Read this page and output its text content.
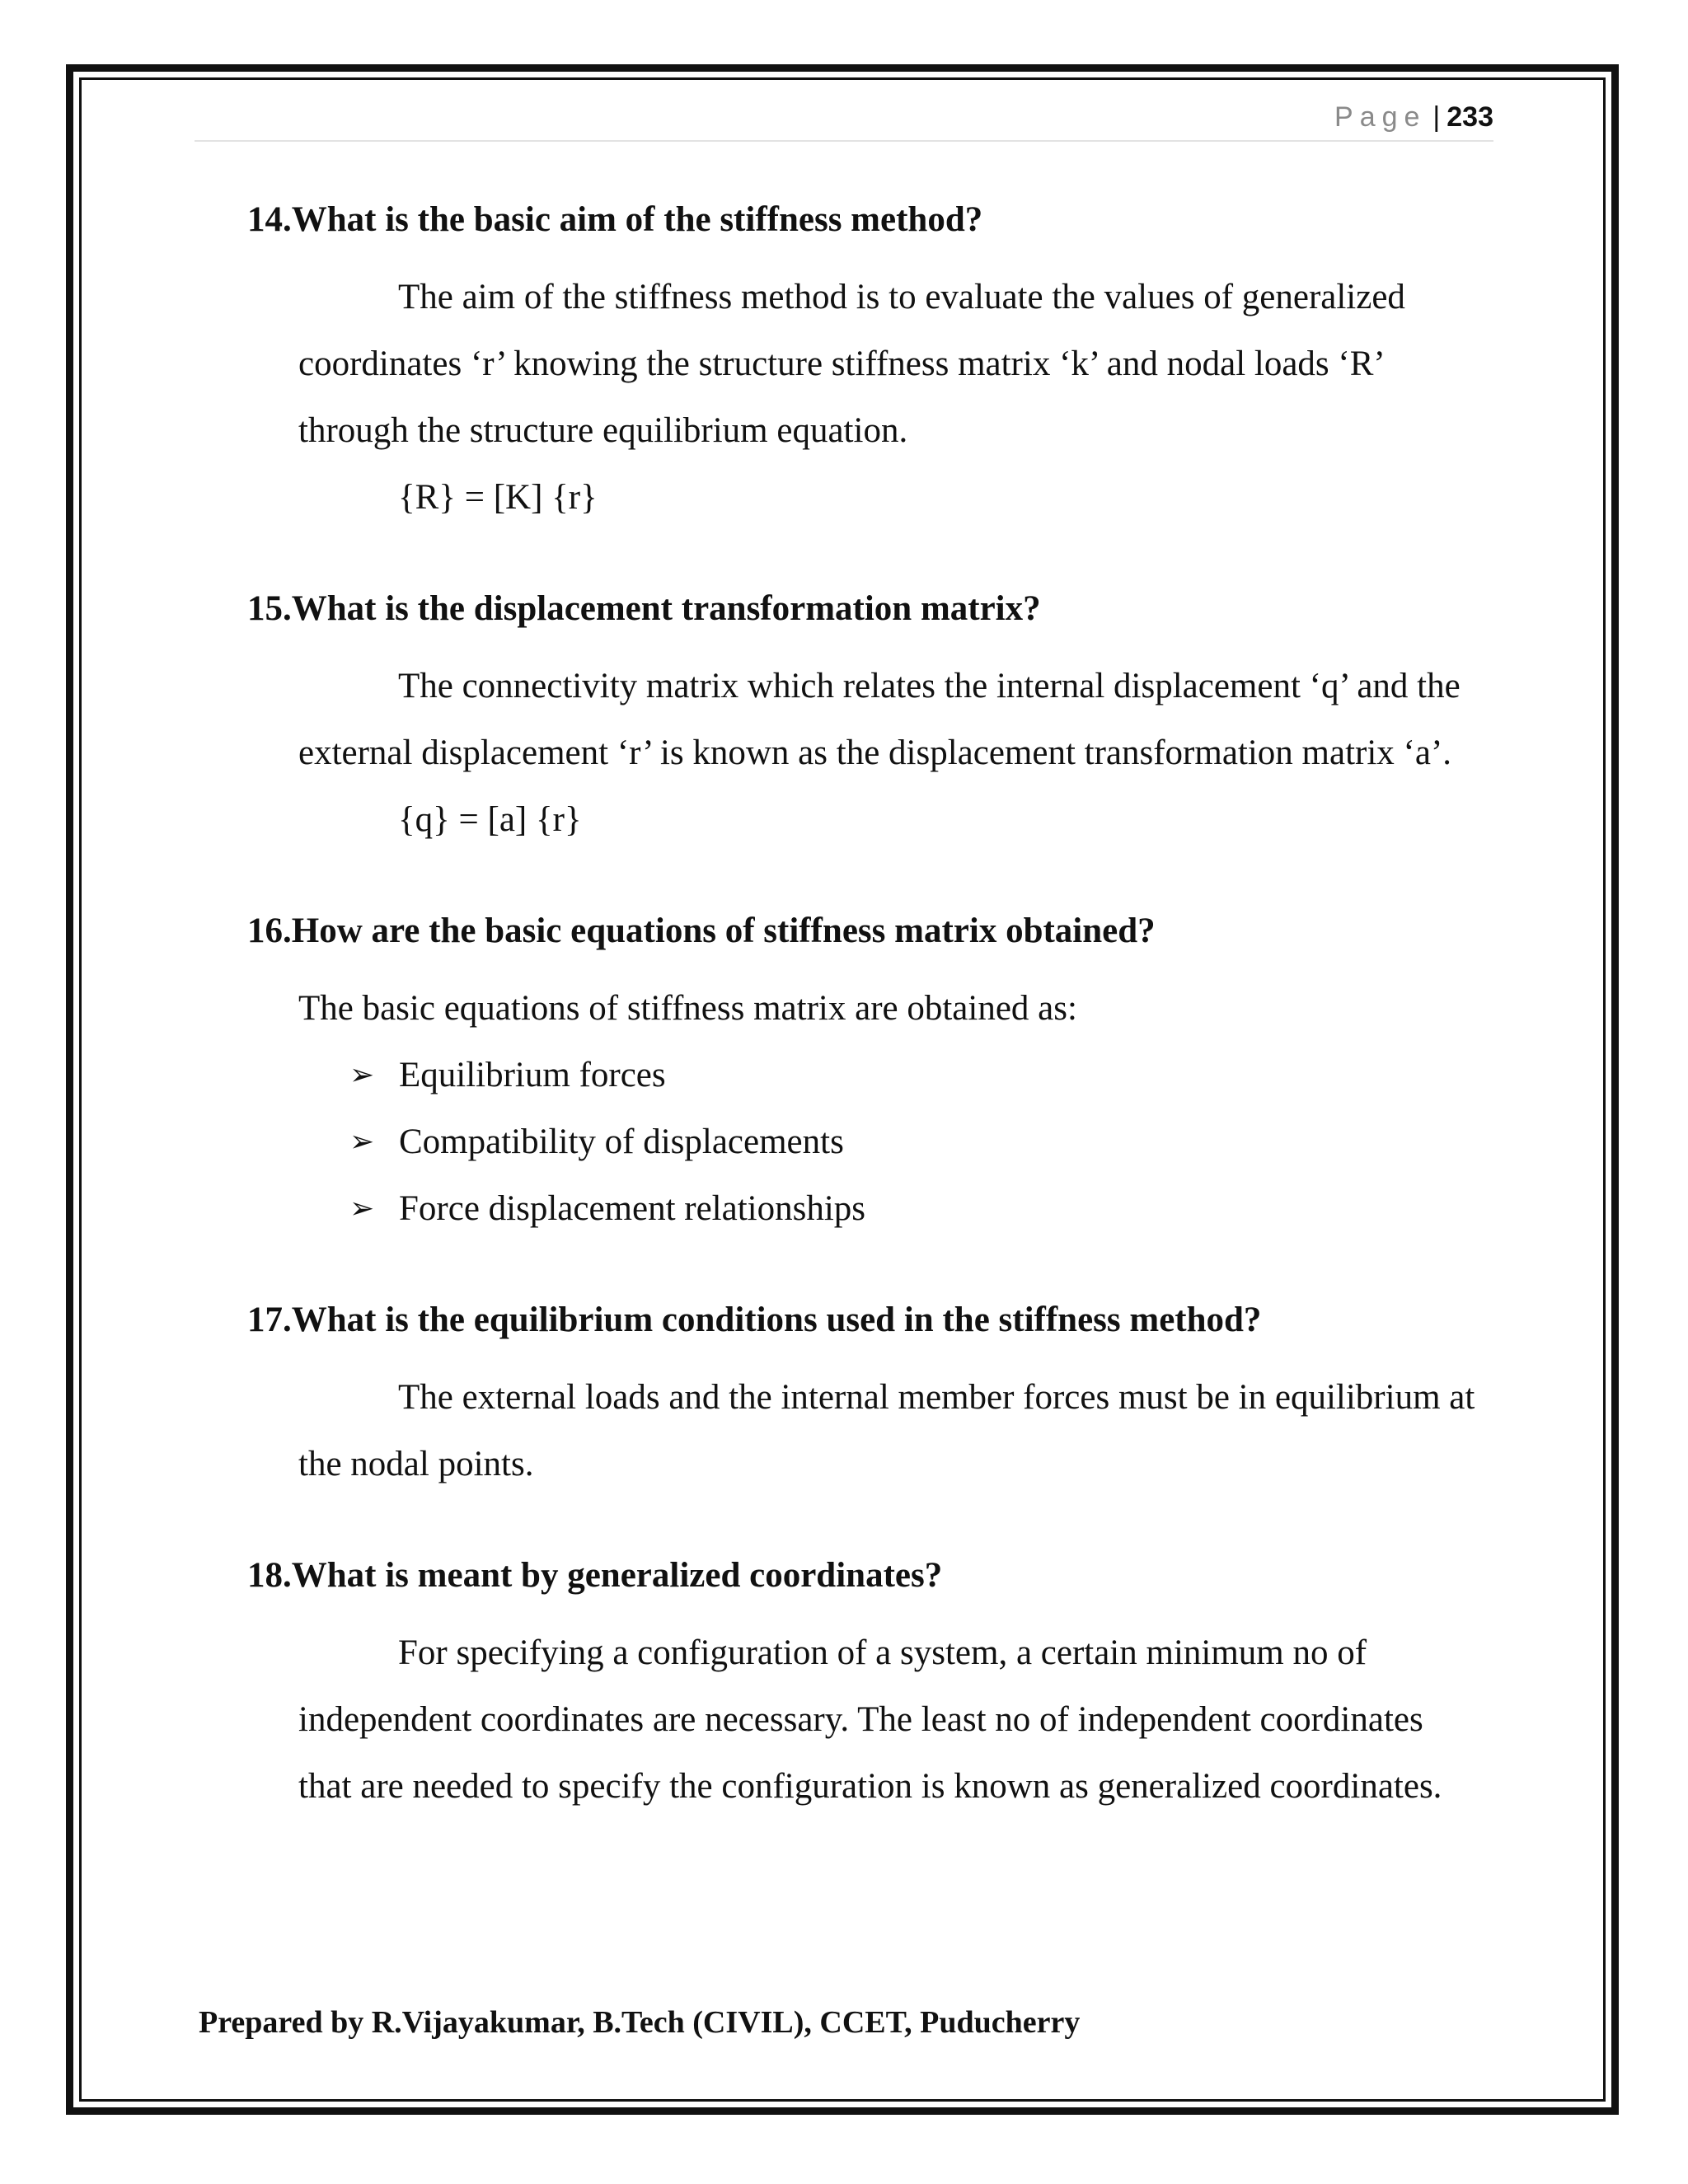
Page | 233

14.What is the basic aim of the stiffness method?

The aim of the stiffness method is to evaluate the values of generalized coordinates ‘r’ knowing the structure stiffness matrix ‘k’ and nodal loads ‘R’ through the structure equilibrium equation.

{R} = [K] {r}

15.What is the displacement transformation matrix?

The connectivity matrix which relates the internal displacement ‘q’ and the external displacement ‘r’ is known as the displacement transformation matrix ‘a’.

{q} = [a] {r}

16.How are the basic equations of stiffness matrix obtained?

The basic equations of stiffness matrix are obtained as:

➢ Equilibrium forces
➢ Compatibility of displacements
➢ Force displacement relationships

17.What is the equilibrium conditions used in the stiffness method?

The external loads and the internal member forces must be in equilibrium at the nodal points.

18.What is meant by generalized coordinates?

For specifying a configuration of a system, a certain minimum no of independent coordinates are necessary. The least no of independent coordinates that are needed to specify the configuration is known as generalized coordinates.

Prepared by R.Vijayakumar, B.Tech (CIVIL), CCET, Puducherry
